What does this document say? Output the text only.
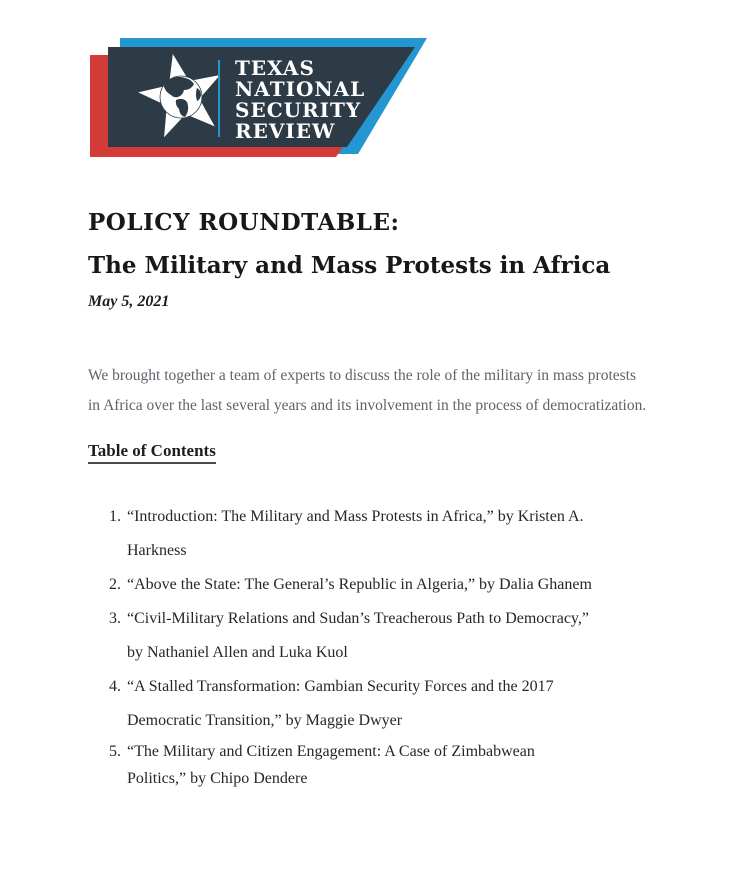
TEXAS
NATIONAL
SECURITY
REVIEW
POLICY ROUNDTABLE:
The Military and Mass Protests in Africa
May 5, 2021

We brought together a team of experts to discuss the role of the military in mass protests
in Africa over the last several years and its involvement in the process of democratization.

Table of Contents
1. “Introduction: The Military and Mass Protests in Africa,” by Kristen A.
Harkness
2. “Above the State: The General’s Republic in Algeria,” by Dalia Ghanem
3. “Civil-Military Relations and Sudan’s Treacherous Path to Democracy,”
by Nathaniel Allen and Luka Kuol
4. “A Stalled Transformation: Gambian Security Forces and the 2017
Democratic Transition,” by Maggie Dwyer
5. “The Military and Citizen Engagement: A Case of Zimbabwean
Politics,” by Chipo Dendere
